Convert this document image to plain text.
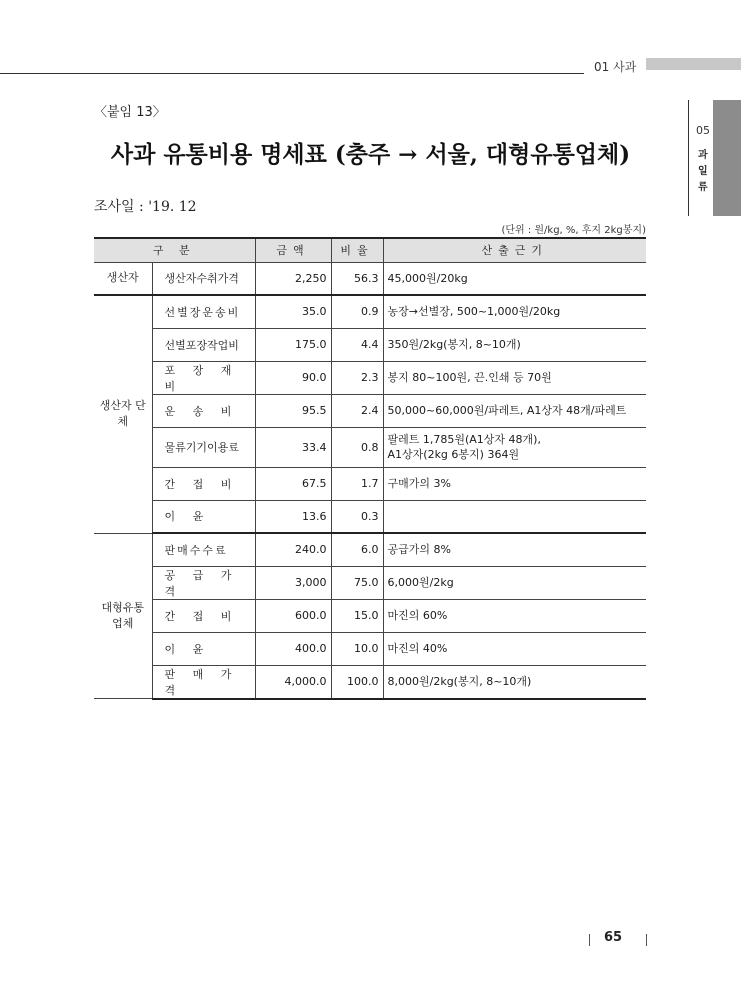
01 사과
05
과
일
류
〈붙임 13〉
사과 유통비용 명세표 (충주 → 서울, 대형유통업체)
조사일 : '19. 12
(단위 : 원/kg, %, 후지 2kg봉지)
구 분		금액	비율	산출근기
생산자	생산자수취가격	2,250	56.3	45,000원/20kg

생산자 단체	선별장운송비	35.0	0.9	농장→선별장, 500~1,000원/20kg

	선별포장작업비	175.0	4.4	350원/2kg(봉지, 8~10개)

	포 장 재 비	90.0	2.3	봉지 80~100원, 끈.인쇄 등 70원

	운 송 비	95.5	2.4	50,000~60,000원/파레트, A1상자 48개/파레트

	물류기기이용료	33.4	0.8	팔레트 1,785원(A1상자 48개),
A1상자(2kg 6봉지) 364원

	간 접 비	67.5	1.7	구매가의 3%

	이 윤	13.6	0.3	

대형유통 업체	판매수수료	240.0	6.0	공급가의 8%

	공 급 가 격	3,000	75.0	6,000원/2kg

	간 접 비	600.0	15.0	마진의 60%

	이 윤	400.0	10.0	마진의 40%

	판 매 가 격	4,000.0	100.0	8,000원/2kg(봉지, 8~10개)
65
